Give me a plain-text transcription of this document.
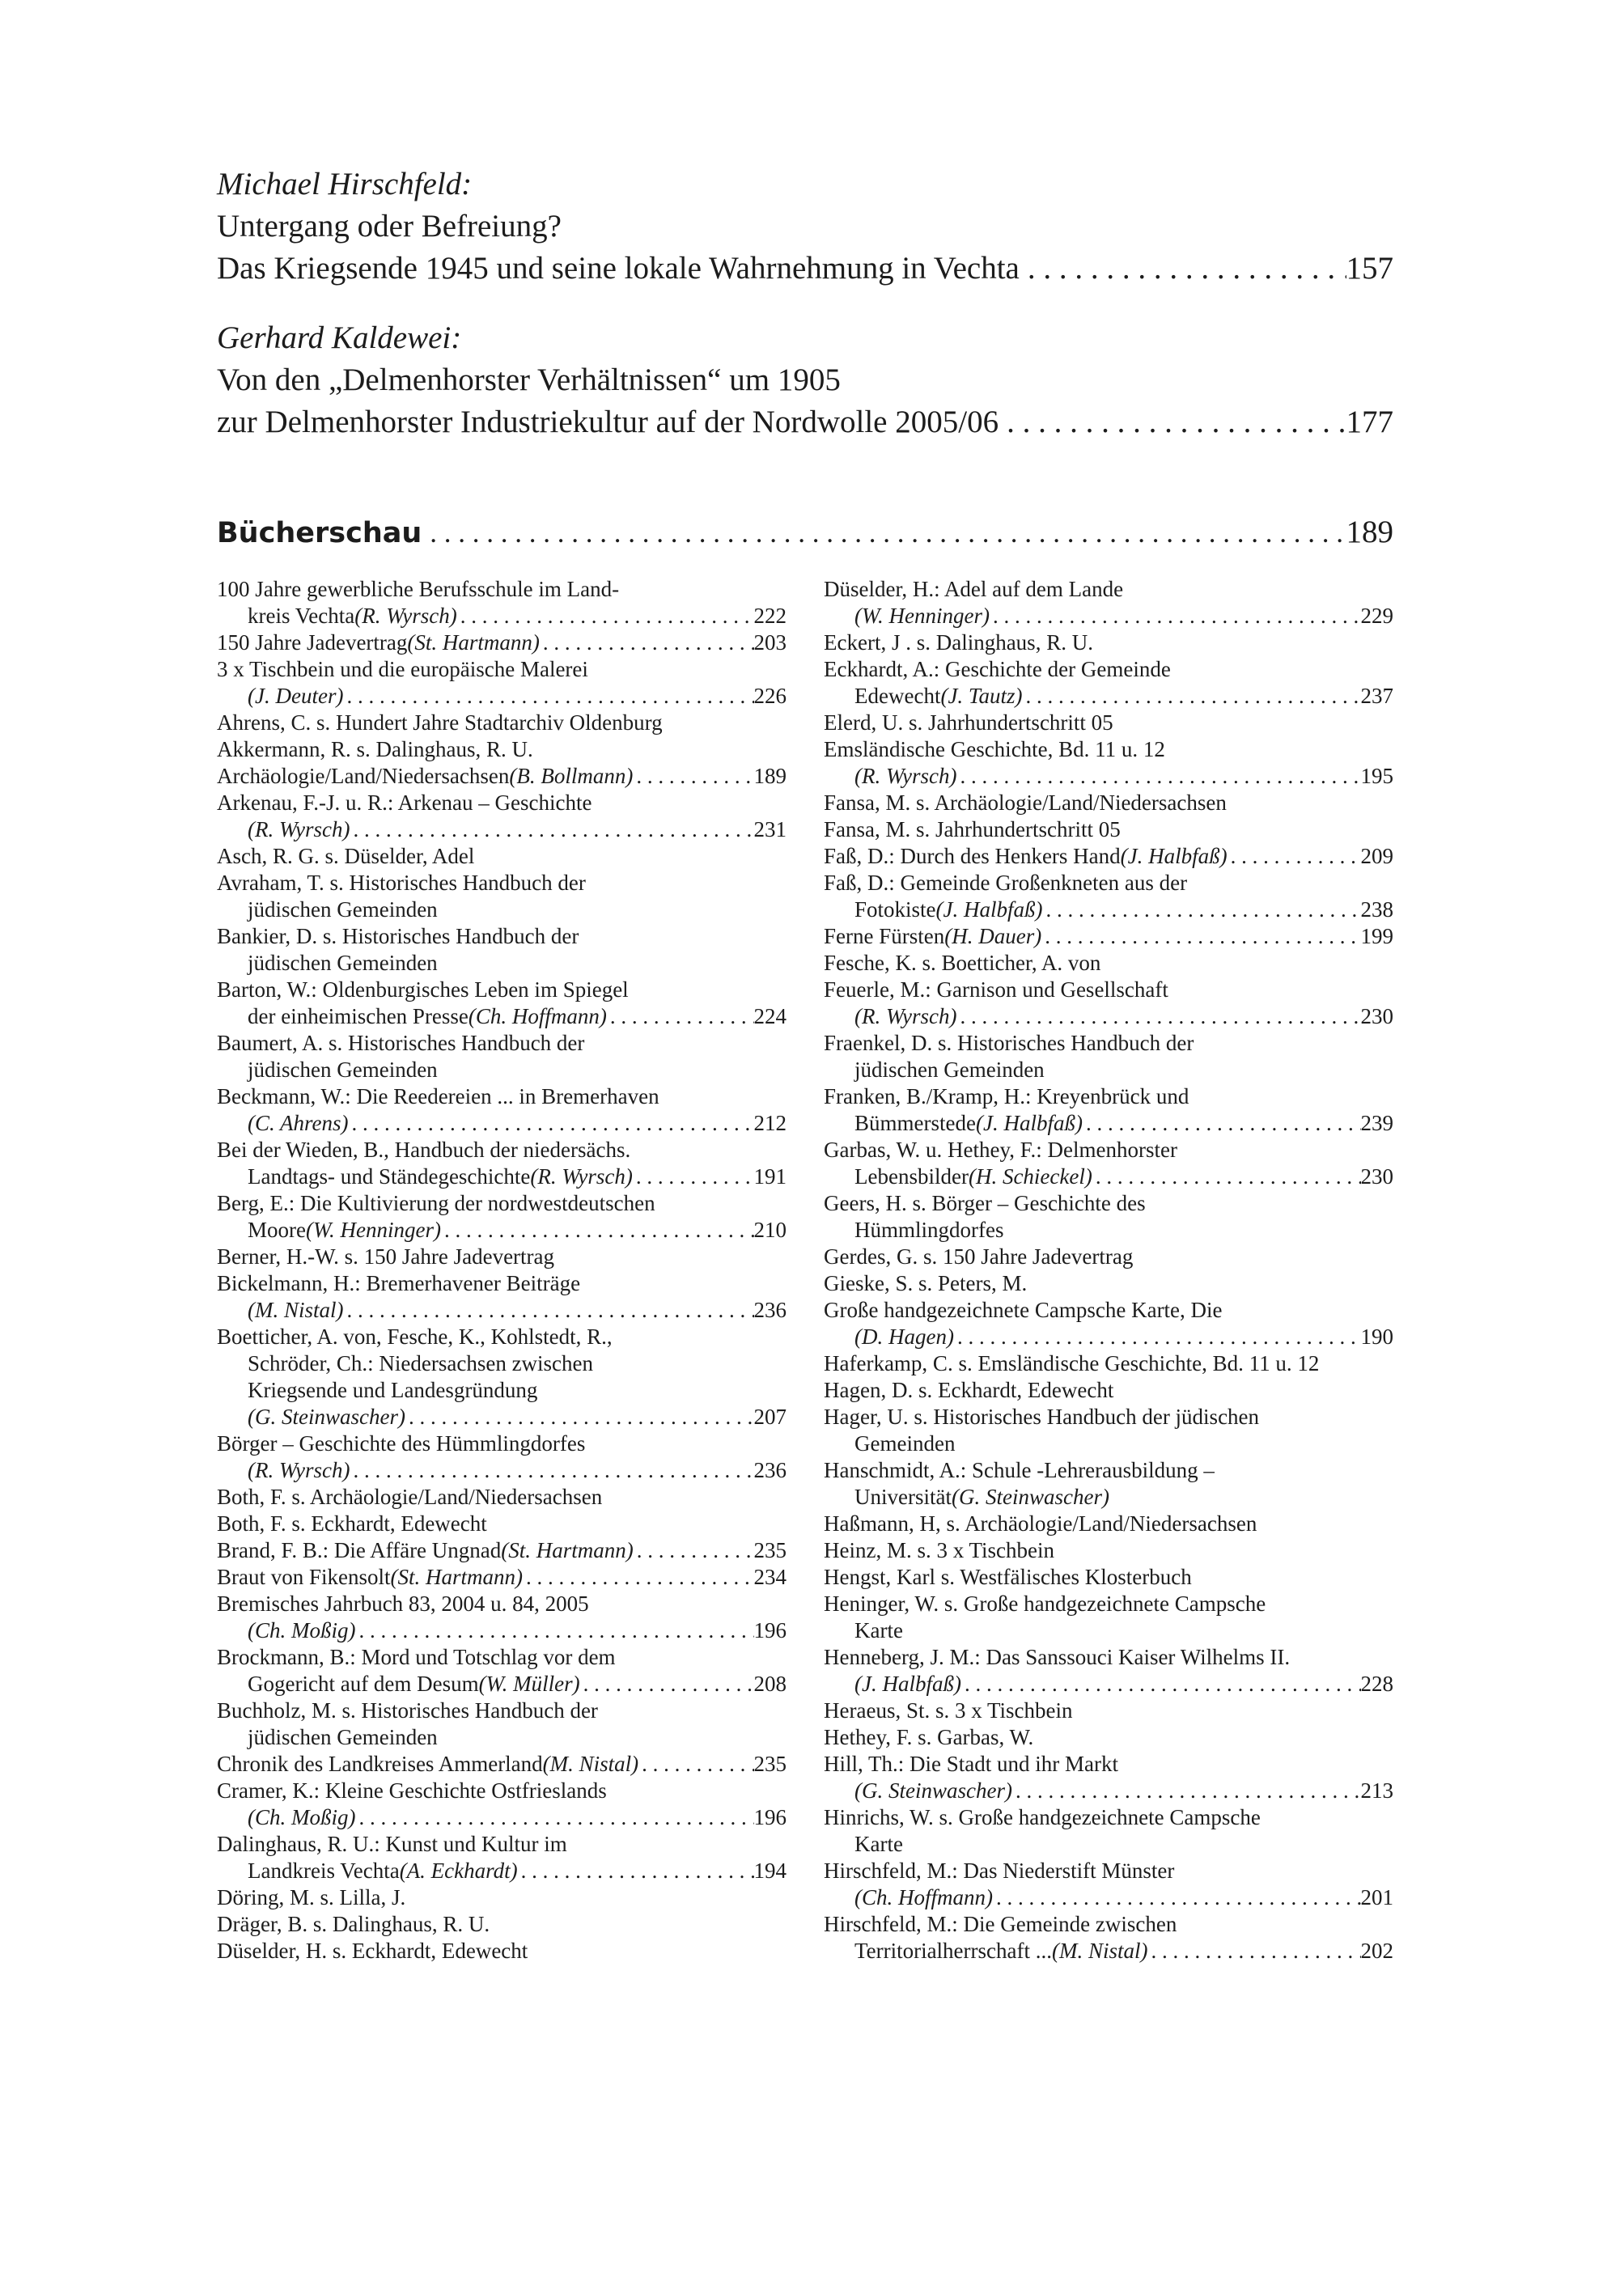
Michael Hirschfeld:
Untergang oder Befreiung?
Das Kriegsende 1945 und seine lokale Wahrnehmung in Vechta . . .	157
Gerhard Kaldewei:
Von den „Delmenhorster Verhältnissen“ um 1905
zur Delmenhorster Industriekultur auf der Nordwolle 2005/06 . . .	177
Bücherschau . . .	189
100 Jahre gewerbliche Berufsschule im Land-
kreis Vechta (R. Wyrsch) . . .	222
150 Jahre Jadevertrag (St. Hartmann) . . .	203
3 x Tischbein und die europäische Malerei
(J. Deuter) . . .	226
Ahrens, C. s. Hundert Jahre Stadtarchiv Oldenburg
Akkermann, R. s. Dalinghaus, R. U.
Archäologie/Land/Niedersachsen (B. Bollmann) . . .	189
Arkenau, F.-J. u. R.: Arkenau – Geschichte
(R. Wyrsch) . . .	231
Asch, R. G. s. Düselder, Adel
Avraham, T. s. Historisches Handbuch der
jüdischen Gemeinden
Bankier, D. s. Historisches Handbuch der
jüdischen Gemeinden
Barton, W.: Oldenburgisches Leben im Spiegel
der einheimischen Presse (Ch. Hoffmann) . . .	224
Baumert, A. s. Historisches Handbuch der
jüdischen Gemeinden
Beckmann, W.: Die Reedereien ... in Bremerhaven
(C. Ahrens) . . .	212
Bei der Wieden, B., Handbuch der niedersächs.
Landtags- und Ständegeschichte (R. Wyrsch) . . .	191
Berg, E.: Die Kultivierung der nordwestdeutschen
Moore (W. Henninger) . . .	210
Berner, H.-W. s. 150 Jahre Jadevertrag
Bickelmann, H.: Bremerhavener Beiträge
(M. Nistal) . . .	236
Boetticher, A. von, Fesche, K., Kohlstedt, R.,
Schröder, Ch.: Niedersachsen zwischen
Kriegsende und Landesgründung
(G. Steinwascher) . . .	207
Börger – Geschichte des Hümmlingdorfes
(R. Wyrsch) . . .	236
Both, F. s. Archäologie/Land/Niedersachsen
Both, F. s. Eckhardt, Edewecht
Brand, F. B.: Die Affäre Ungnad (St. Hartmann) . . .	235
Braut von Fikensolt (St. Hartmann) . . .	234
Bremisches Jahrbuch 83, 2004 u. 84, 2005
(Ch. Moßig) . . .	196
Brockmann, B.: Mord und Totschlag vor dem
Gogericht auf dem Desum (W. Müller) . . .	208
Buchholz, M. s. Historisches Handbuch der
jüdischen Gemeinden
Chronik des Landkreises Ammerland (M. Nistal) . . .	235
Cramer, K.: Kleine Geschichte Ostfrieslands
(Ch. Moßig) . . .	196
Dalinghaus, R. U.: Kunst und Kultur im
Landkreis Vechta (A. Eckhardt) . . .	194
Döring, M. s. Lilla, J.
Dräger, B. s. Dalinghaus, R. U.
Düselder, H. s. Eckhardt, Edewecht
Düselder, H.: Adel auf dem Lande
(W. Henninger) . . .	229
Eckert, J . s. Dalinghaus, R. U.
Eckhardt, A.: Geschichte der Gemeinde
Edewecht (J. Tautz) . . .	237
Elerd, U. s. Jahrhundertschritt 05
Emsländische Geschichte, Bd. 11 u. 12
(R. Wyrsch) . . .	195
Fansa, M. s. Archäologie/Land/Niedersachsen
Fansa, M. s. Jahrhundertschritt 05
Faß, D.: Durch des Henkers Hand (J. Halbfaß) . . .	209
Faß, D.: Gemeinde Großenkneten aus der
Fotokiste (J. Halbfaß) . . .	238
Ferne Fürsten (H. Dauer) . . .	199
Fesche, K. s. Boetticher, A. von
Feuerle, M.: Garnison und Gesellschaft
(R. Wyrsch) . . .	230
Fraenkel, D. s. Historisches Handbuch der
jüdischen Gemeinden
Franken, B./Kramp, H.: Kreyenbrück und
Bümmerstede (J. Halbfaß) . . .	239
Garbas, W. u. Hethey, F.: Delmenhorster
Lebensbilder (H. Schieckel) . . .	230
Geers, H. s. Börger – Geschichte des
Hümmlingdorfes
Gerdes, G. s. 150 Jahre Jadevertrag
Gieske, S. s. Peters, M.
Große handgezeichnete Campsche Karte, Die
(D. Hagen) . . .	190
Haferkamp, C. s. Emsländische Geschichte, Bd. 11 u. 12
Hagen, D. s. Eckhardt, Edewecht
Hager, U. s. Historisches Handbuch der jüdischen
Gemeinden
Hanschmidt, A.: Schule -Lehrerausbildung –
Universität (G. Steinwascher)
Haßmann, H, s. Archäologie/Land/Niedersachsen
Heinz, M. s. 3 x Tischbein
Hengst, Karl s. Westfälisches Klosterbuch
Heninger, W. s. Große handgezeichnete Campsche
Karte
Henneberg, J. M.: Das Sanssouci Kaiser Wilhelms II.
(J. Halbfaß) . . .	228
Heraeus, St. s. 3 x Tischbein
Hethey, F. s. Garbas, W.
Hill, Th.: Die Stadt und ihr Markt
(G. Steinwascher) . . .	213
Hinrichs, W. s. Große handgezeichnete Campsche
Karte
Hirschfeld, M.: Das Niederstift Münster
(Ch. Hoffmann) . . .	201
Hirschfeld, M.: Die Gemeinde zwischen
Territorialherrschaft ... (M. Nistal) . . .	202
